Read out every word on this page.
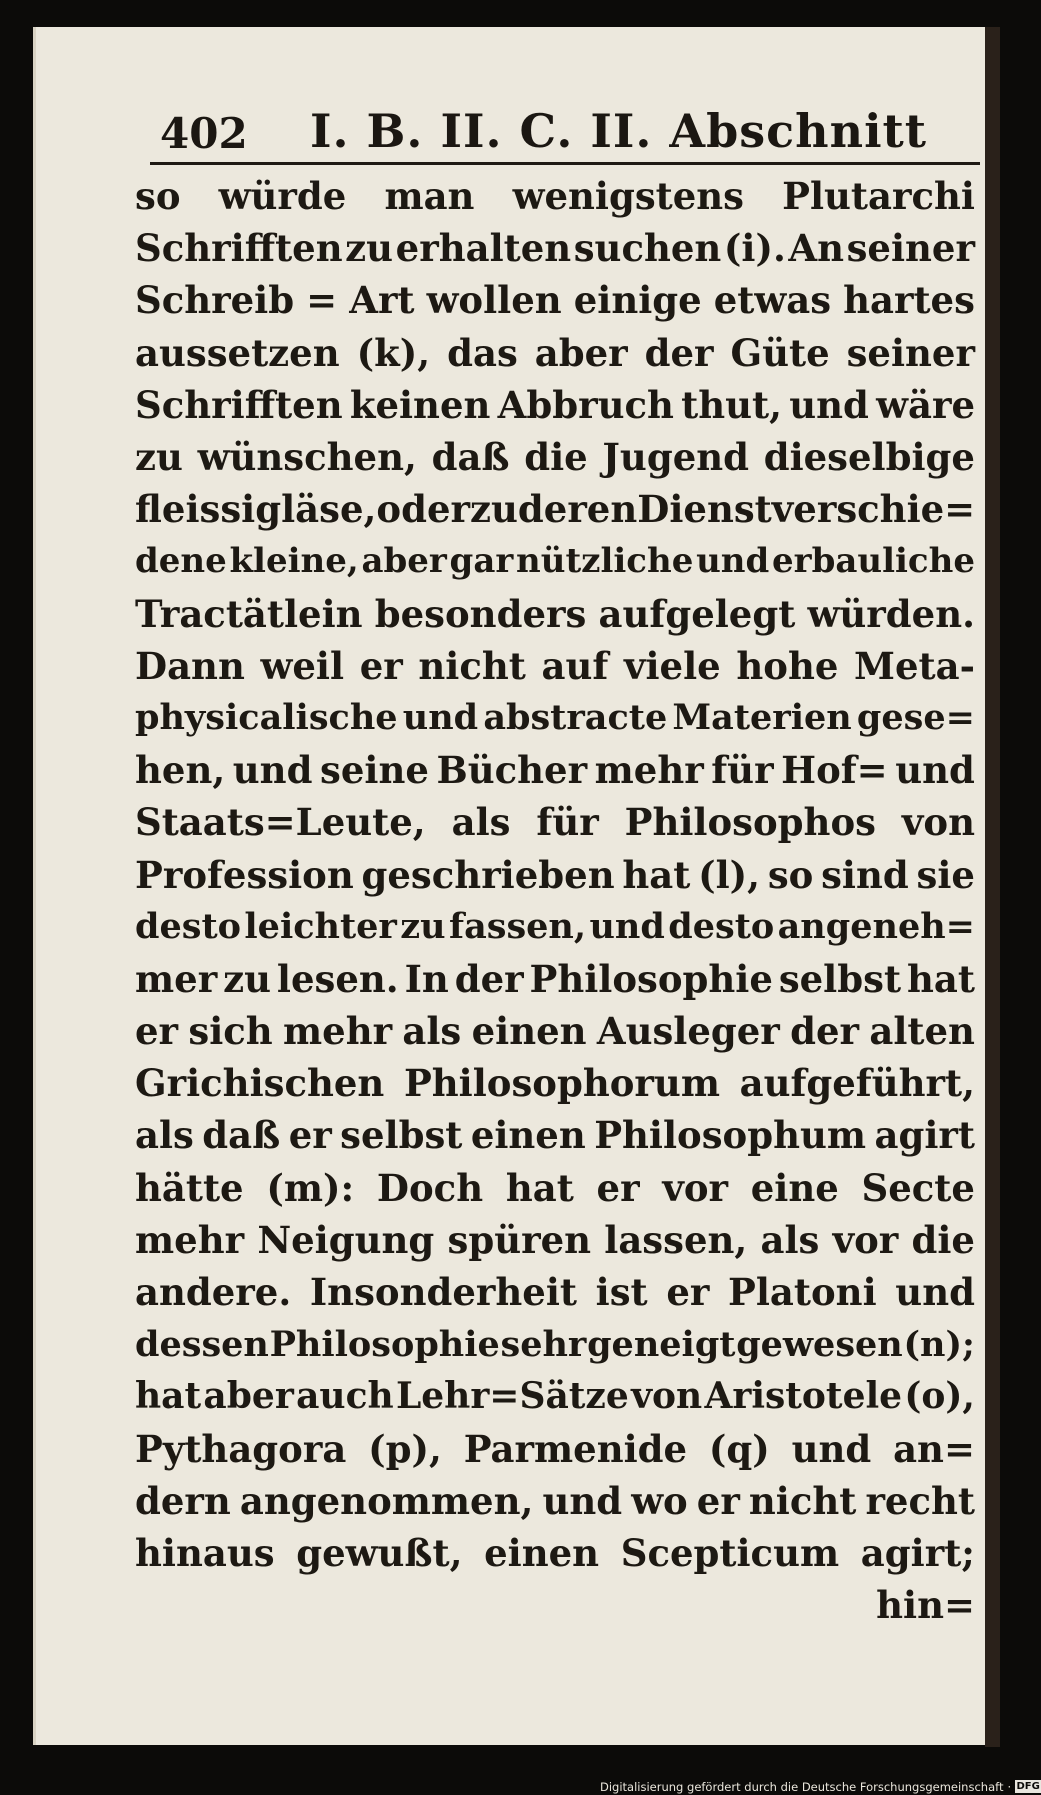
402	I. B. II. C. II. Abschnitt
so würde man wenigstens Plutarchi
Schrifften zu erhalten suchen (i). An seiner
Schreib = Art wollen einige etwas hartes
aussetzen (k), das aber der Güte seiner
Schrifften keinen Abbruch thut, und wäre
zu wünschen, daß die Jugend dieselbige
fleissig läse, oder zu deren Dienst verschie=
dene kleine, aber gar nützliche und erbauliche
Tractätlein besonders aufgelegt würden.
Dann weil er nicht auf viele hohe Meta-
physicalische und abstracte Materien gese=
hen, und seine Bücher mehr für Hof= und
Staats=Leute, als für Philosophos von
Profession geschrieben hat (l), so sind sie
desto leichter zu fassen, und desto angeneh=
mer zu lesen. In der Philosophie selbst hat
er sich mehr als einen Ausleger der alten
Grichischen Philosophorum aufgeführt,
als daß er selbst einen Philosophum agirt
hätte (m): Doch hat er vor eine Secte
mehr Neigung spüren lassen, als vor die
andere. Insonderheit ist er Platoni und
dessen Philosophie sehr geneigt gewesen (n);
hat aber auch Lehr=Sätze von Aristotele (o),
Pythagora (p), Parmenide (q) und an=
dern angenommen, und wo er nicht recht
hinaus gewußt, einen Scepticum agirt;
hin=
Digitalisierung gefördert durch die Deutsche Forschungsgemeinschaft · DFG
